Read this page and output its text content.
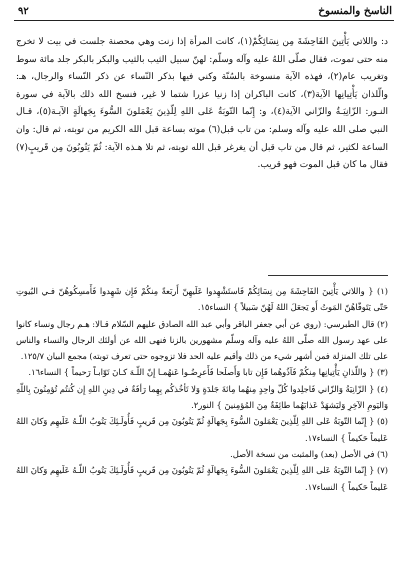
الناسخ والمنسوخ
٩٢

د: واللاتي يَأْتِينَ الفَاحِشَةَ مِن نِسَائِكُمْ(١)، كانت المرأة إذا زنت وهي محصنة جلست في بيت لا تخرج منه حتى تموت، فقال صلّى اللهُ عليه وآله وسلّم: لهنّ سبيل الثيب بالثيب والبكر بالبكر جلد مائة سوط وتغريب عام(٢)، فهذه الآية منسوخة بالسُنّة وكني فيها بذكر النّساء عن ذكر النّساء والرجال، هـ: والّلذان يَأْتِيانِها الآية(٣)، كانت الباكران إذا زنيا عزرا شتما لا غير، فنسخ الله ذلك بالآية في سورة النـور: الزّانِيَـةُ والزّاني الآية(٤)، و: إِنّما التّوبَةُ عَلى اللهِ لِلّذِينَ يَعْمَلونَ السُّوءَ بِجَهالَةٍ الآيـة(٥)، قـال النبي صلى الله عليه وآله وسلم: من تاب قبل(٦) موته بساعة قبل الله الكريم من توبته، ثم قال: وان الساعة لكثير، ثم قال من تاب قبل أن يغرغر قبل الله توبته، ثم تلا هـذه الآية: ثُمّ يَتُوبُونَ مِن قَريبٍ(٧) فقال ما كان قبل الموت فهو قريب.

(١) { واللاتي يَأْتِينَ الفَاحِشَةَ مِن نِسَائِكُمْ فَاستَشْهِدوا عَلَيهِنّ أَربَعةً مِنكُمْ فَإِن شَهِدوا فَأَمسِكُوهُنّ فـي البُيوتِ حَتّى يَتَوفّاهُنّ المَوتُ أَو يَجعَلَ اللهُ لَهُنّ سَبيلاً } النساء١٥.

(٢) قال الطبرسي: (روي عن أبي جعفر الباقر وأبي عبد الله الصادق عليهم السّلام قـالا: هـم رجال ونساء كانوا على عهد رسول الله صلّى اللهُ عليه وآله وسلّم مشهورين بالزنا فنهى الله عن أولئك الرجال والنساء والناس على تلك المنزلة فمن أشهر شيء من ذلك وأقيم عليه الحد فلا تزوجوه حتى تعرف توبته) مجمع البيان ١٢٥/٧.

(٣) { واللّذانِ يَأْتِيانِها مِنكُمْ فَآذُوهُما فَإِن تابا وَأَصلَحا فَأَعرِضُـوا عَنهُمـا إِنّ اللّـهَ كـانَ تَوّابـاً رَحيماً } النساء١٦.

(٤) { الزّانِيَةُ وَالزّاني فَاجلِدوا كُلّ واحِدٍ مِنهُما مِائةَ جَلدَةٍ وَلا تَأخُذكُم بِهِما رَأفَةٌ في دِينِ اللهِ إِن كُنتُم تُؤمِنُونَ بِاللّهِ وَاليَومِ الآخِرِ وَليَشهَدْ عَذابَهُما طائِفَةٌ مِنَ المُؤمِنينَ } النور٢.

(٥) { إِنّما التّوبَةُ عَلى اللهِ لِلّذِينَ يَعْمَلونَ السُّوءَ بِجَهالَةٍ ثُمّ يَتُوبُونَ مِن قَريبٍ فَأُولَـئِكَ يَتُوبُ اللّـهُ عَلَيهِم وَكانَ اللهُ عَليماً حَكيماً } النساء١٧.

(٦) في الأصل (بعد) والمثبت من نسخة الأصل.

(٧) { إِنّما التّوبَةُ عَلى اللهِ لِلّذِينَ يَعْمَلونَ السُّوءَ بِجَهالَةٍ ثُمّ يَتُوبُونَ مِن قَريبٍ فَأُولَـئِكَ يَتُوبُ اللّـهُ عَلَيهِم وَكانَ اللهُ عَليماً حَكيماً } النساء١٧.
